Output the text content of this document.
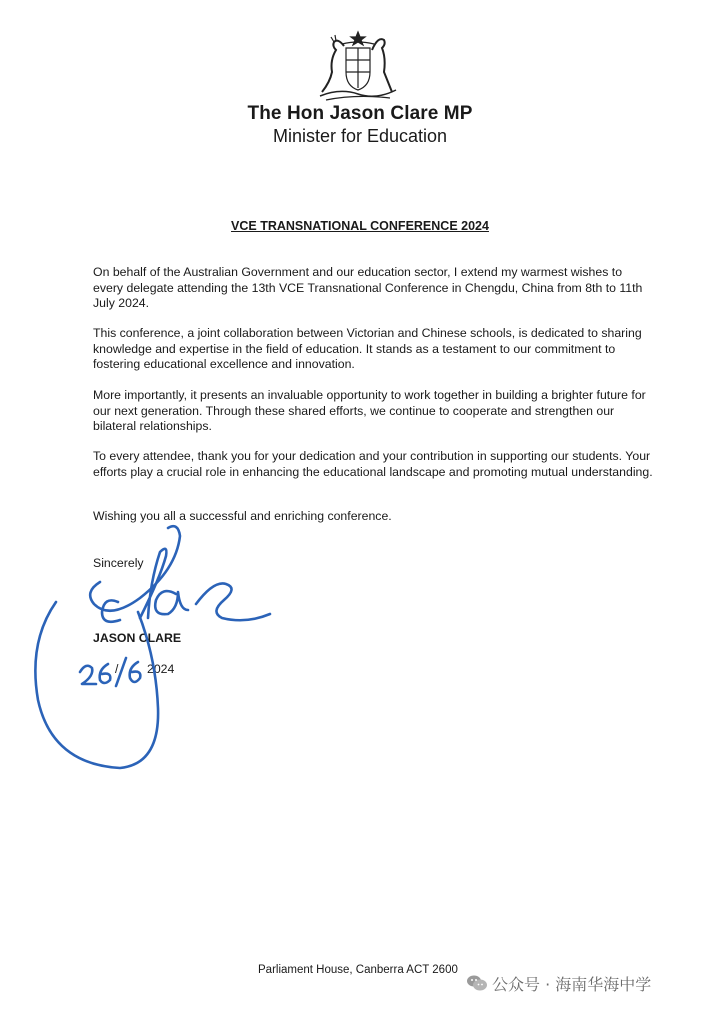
The Hon Jason Clare MP
Minister for Education
VCE TRANSNATIONAL CONFERENCE 2024

On behalf of the Australian Government and our education sector, I extend my warmest wishes to every delegate attending the 13th VCE Transnational Conference in Chengdu, China from 8th to 11th July 2024.

This conference, a joint collaboration between Victorian and Chinese schools, is dedicated to sharing knowledge and expertise in the field of education. It stands as a testament to our commitment to fostering educational excellence and innovation.

More importantly, it presents an invaluable opportunity to work together in building a brighter future for our next generation. Through these shared efforts, we continue to cooperate and strengthen our bilateral relationships.

To every attendee, thank you for your dedication and your contribution in supporting our students. Your efforts play a crucial role in enhancing the educational landscape and promoting mutual understanding.

Wishing you all a successful and enriching conference.

Sincerely
JASON CLARE
/ 2024
Parliament House, Canberra ACT 2600
公众号 · 海南华海中学
